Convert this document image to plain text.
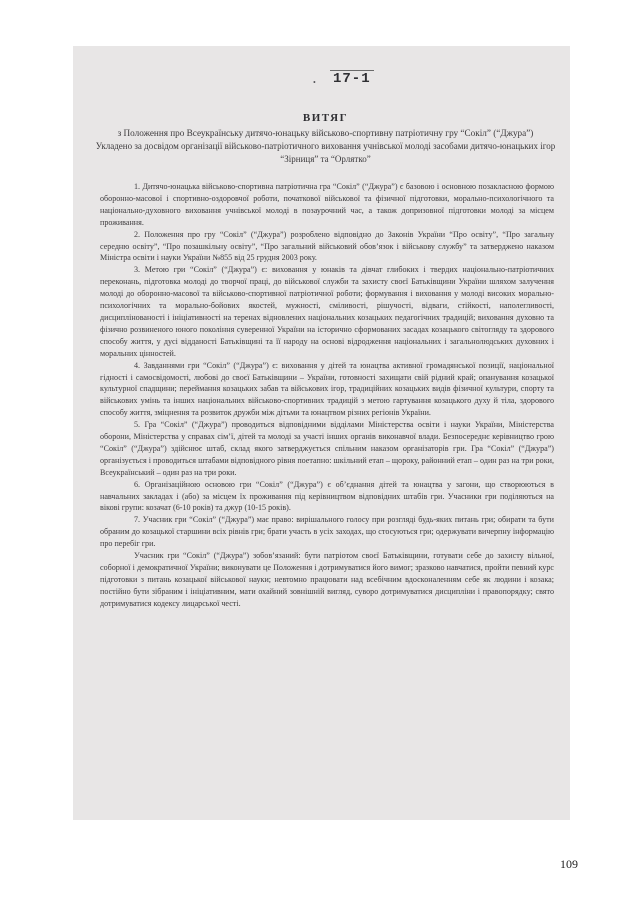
17-1
•
ВИТЯГ
з Положення про Всеукраїнську дитячо-юнацьку військово-спортивну патріотичну гру “Сокіл” (“Джура”)
Укладено за досвідом організації військово-патріотичного виховання учнівської молоді засобами дитячо-юнацьких ігор “Зірниця” та “Орлятко”

1. Дитячо-юнацька військово-спортивна патріотична гра “Сокіл” (“Джура”) є базовою і основною позакласною формою оборонно-масової і спортивно-оздоровчої роботи, початкової військової та фізичної підготовки, морально-психологічного та національно-духовного виховання учнівської молоді в позаурочний час, а також допризовної підготовки молоді за місцем проживання.

2. Положення про гру “Сокіл” (“Джура”) розроблено відповідно до Законів України “Про освіту”, “Про загальну середню освіту”, “Про позашкільну освіту”, “Про загальний військовий обов’язок і військову службу” та затверджено наказом Міністра освіти і науки України №855 від 25 грудня 2003 року.

3. Метою гри “Сокіл” (“Джура”) є: виховання у юнаків та дівчат глибоких і твердих національно-патріотичних переконань, підготовка молоді до творчої праці, до військової служби та захисту своєї Батьківщини України шляхом залучення молоді до оборонно-масової та військово-спортивної патріотичної роботи; формування і виховання у молоді високих морально-психологічних та морально-бойових якостей, мужності, сміливості, рішучості, відваги, стійкості, наполегливості, дисциплінованості і ініціативності на теренах відновлених національних козацьких педагогічних традицій; виховання духовно та фізично розвиненого юного покоління суверенної України на історично сформованих засадах козацького світогляду та здорового способу життя, у дусі відданості Батьківщині та її народу на основі відродження національних і загальнолюдських духовних і моральних цінностей.

4. Завданнями гри “Сокіл” (“Джура”) є: виховання у дітей та юнацтва активної громадянської позиції, національної гідності і самосвідомості, любові до своєї Батьківщини – України, готовності захищати свій рідний край; опанування козацької культурної спадщини; переймання козацьких забав та військових ігор, традиційних козацьких видів фізичної культури, спорту та військових умінь та інших національних військово-спортивних традицій з метою гартування козацького духу й тіла, здорового способу життя, зміцнення та розвиток дружби між дітьми та юнацтвом різних регіонів України.

5. Гра “Сокіл” (“Джура”) проводиться відповідними відділами Міністерства освіти і науки України, Міністерства оборони, Міністерства у справах сім’ї, дітей та молоді за участі інших органів виконавчої влади. Безпосереднє керівництво грою “Сокіл” (“Джура”) здійснює штаб, склад якого затверджується спільним наказом організаторів гри. Гра “Сокіл” (“Джура”) організується і проводиться штабами відповідного рівня поетапно: шкільний етап – щороку, районний етап – один раз на три роки, Всеукраїнський – один раз на три роки.

6. Організаційною основою гри “Сокіл” (“Джура”) є об’єднання дітей та юнацтва у загони, що створюються в навчальних закладах і (або) за місцем їх проживання під керівництвом відповідних штабів гри. Учасники гри поділяються на вікові групи: козачат (6-10 років) та джур (10-15 років).

7. Учасник гри “Сокіл” (“Джура”) має право: вирішального голосу при розгляді будь-яких питань гри; обирати та бути обраним до козацької старшини всіх рівнів гри; брати участь в усіх заходах, що стосуються гри; одержувати вичерпну інформацію про перебіг гри.

Учасник гри “Сокіл” (“Джура”) зобов’язаний: бути патріотом своєї Батьківщини, готувати себе до захисту вільної, соборної і демократичної України; виконувати це Положення і дотримуватися його вимог; зразково навчатися, пройти певний курс підготовки з питань козацької військової науки; невтомно працювати над всебічним вдосконаленням себе як людини і козака; постійно бути зібраним і ініціативним, мати охайний зовнішній вигляд, суворо дотримуватися дисципліни і правопорядку; свято дотримуватися кодексу лицарської честі.

109
